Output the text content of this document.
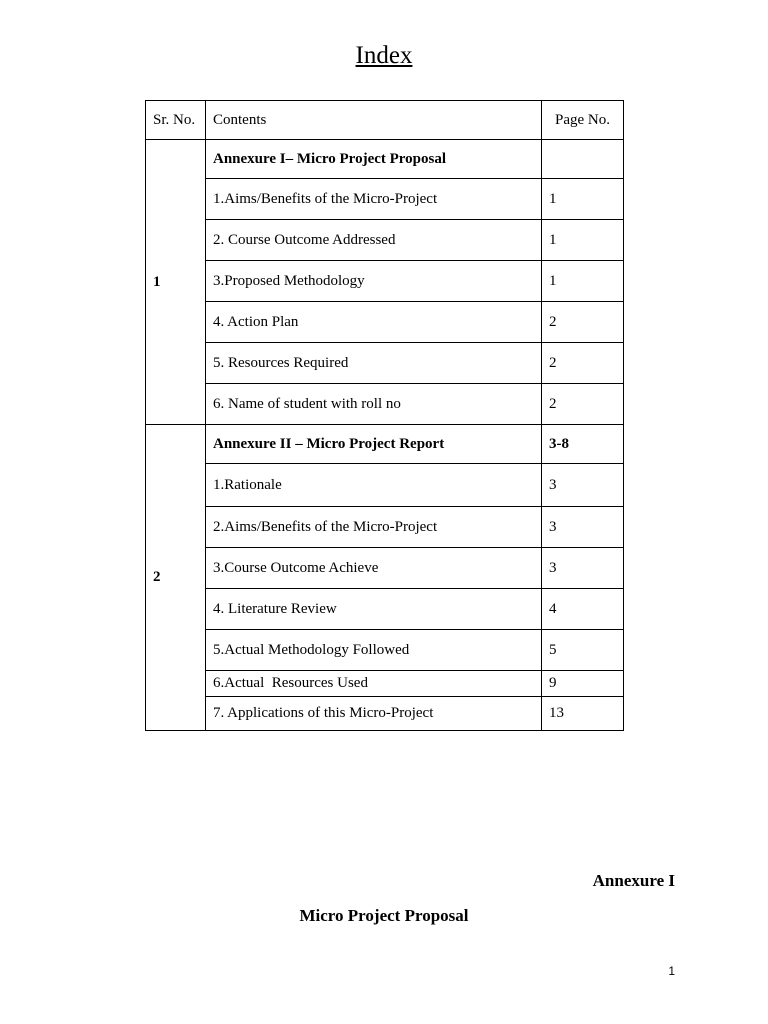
Index
Sr. No.	Contents	Page No.
1	Annexure I– Micro Project Proposal	
	1.Aims/Benefits of the Micro-Project	1
	2. Course Outcome Addressed	1
	3.Proposed Methodology	1
	4. Action Plan	2
	5. Resources Required	2
	6. Name of student with roll no	2
2	Annexure II – Micro Project Report	3-8
	1.Rationale	3
	2.Aims/Benefits of the Micro-Project	3
	3.Course Outcome Achieve	3
	4. Literature Review	4
	5.Actual Methodology Followed	5
	6.Actual  Resources Used	9
	7. Applications of this Micro-Project	13
Annexure I
Micro Project Proposal
1
